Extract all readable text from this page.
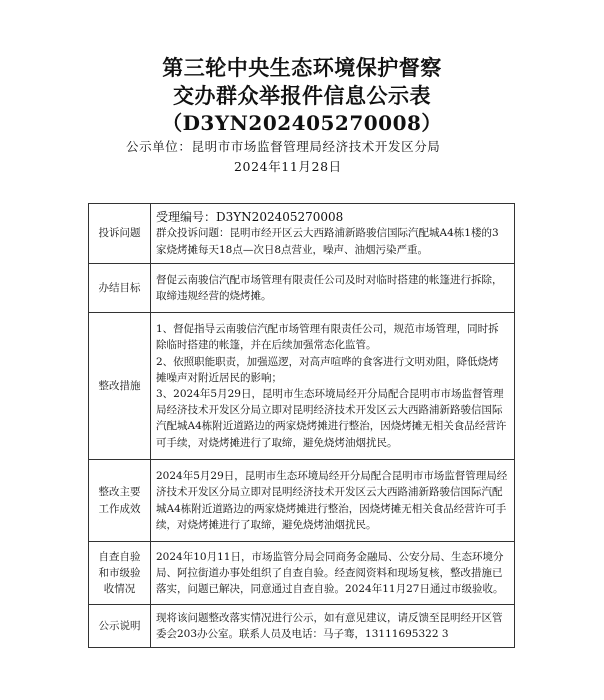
第三轮中央生态环境保护督察
交办群众举报件信息公示表
（D3YN202405270008）
公示单位：昆明市市场监督管理局经济技术开发区分局
2024年11月28日
投诉问题	受理编号：D3YN202405270008

群众投诉问题：昆明市经开区云大西路浦新路骏信国际汽配城A4栋1楼的3家烧烤摊每天18点—次日8点营业，噪声、油烟污染严重。

办结目标	督促云南骏信汽配市场管理有限责任公司及时对临时搭建的帐篷进行拆除，取缔违规经营的烧烤摊。
整改措施	1、督促指导云南骏信汽配市场管理有限责任公司，规范市场管理，同时拆除临时搭建的帐篷，并在后续加强常态化监管。

2、依照职能职责，加强巡逻，对高声喧哗的食客进行文明劝阻，降低烧烤摊噪声对附近居民的影响；

3、2024年5月29日，昆明市生态环境局经开分局配合昆明市市场监督管理局经济技术开发区分局立即对昆明经济技术开发区云大西路浦新路骏信国际汽配城A4栋附近道路边的两家烧烤摊进行整治，因烧烤摊无相关食品经营许可手续，对烧烤摊进行了取缔，避免烧烤油烟扰民。

整改主要工作成效	2024年5月29日，昆明市生态环境局经开分局配合昆明市市场监督管理局经济技术开发区分局立即对昆明经济技术开发区云大西路浦新路骏信国际汽配城A4栋附近道路边的两家烧烤摊进行整治，因烧烤摊无相关食品经营许可手续，对烧烤摊进行了取缔，避免烧烤油烟扰民。
自查自验和市级验收情况	2024年10月11日，市场监管分局会同商务金融局、公安分局、生态环境分局、阿拉街道办事处组织了自查自验。经查阅资料和现场复核，整改措施已落实，问题已解决，同意通过自查自验。2024年11月27日通过市级验收。
公示说明	现将该问题整改落实情况进行公示，如有意见建议，请反馈至昆明经开区管委会203办公室。联系人员及电话：马子骞，13111695322 3
